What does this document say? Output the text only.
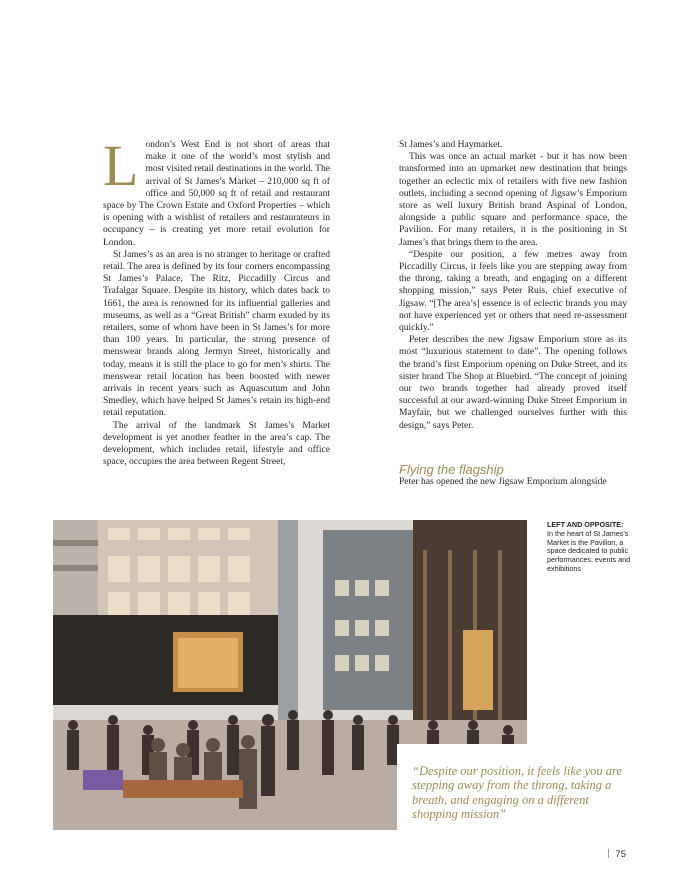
L ondon’s West End is not short of areas that make it one of the world’s most stylish and most visited retail destinations in the world. The arrival of St James’s Market – 210,000 sq ft of office and 50,000 sq ft of retail and restaurant space by The Crown Estate and Oxford Properties – which is opening with a wishlist of retailers and restaurateurs in occupancy – is creating yet more retail evolution for London.

St James’s as an area is no stranger to heritage or crafted retail. The area is defined by its four corners encompassing St James’s Palace, The Ritz, Piccadilly Circus and Trafalgar Square. Despite its history, which dates back to 1661, the area is renowned for its influential galleries and museums, as well as a “Great British” charm exuded by its retailers, some of whom have been in St James’s for more than 100 years. In particular, the strong presence of menswear brands along Jermyn Street, historically and today, means it is still the place to go for men’s shirts. The menswear retail location has been boosted with newer arrivals in recent years such as Aquascutum and John Smedley, which have helped St James’s retain its high-end retail reputation.

The arrival of the landmark St James’s Market development is yet another feather in the area’s cap. The development, which includes retail, lifestyle and office space, occupies the area between Regent Street,

St James’s and Haymarket.

This was once an actual market - but it has now been transformed into an upmarket new destination that brings together an eclectic mix of retailers with five new fashion outlets, including a second opening of Jigsaw’s Emporium store as well luxury British brand Aspinal of London, alongside a public square and performance space, the Pavilion. For many retailers, it is the positioning in St James’s that brings them to the area.

“Despite our position, a few metres away from Piccadilly Circus, it feels like you are stepping away from the throng, taking a breath, and engaging on a different shopping mission,” says Peter Ruis, chief executive of Jigsaw. “[The area’s] essence is of eclectic brands you may not have experienced yet or others that need re-assessment quickly.”

Peter describes the new Jigsaw Emporium store as its most “luxurious statement to date”. The opening follows the brand’s first Emporium opening on Duke Street, and its sister brand The Shop at Bluebird. “The concept of joining our two brands together had already proved itself successful at our award-winning Duke Street Emporium in Mayfair, but we challenged ourselves further with this design,” says Peter.

Flying the flagship
Peter has opened the new Jigsaw Emporium alongside
LEFT AND OPPOSITE:
In the heart of St James’s Market is the Pavilion, a space dedicated to public performances, events and exhibitions
“Despite our position, it feels like you are stepping away from the throng, taking a breath, and engaging on a different shopping mission”
75
